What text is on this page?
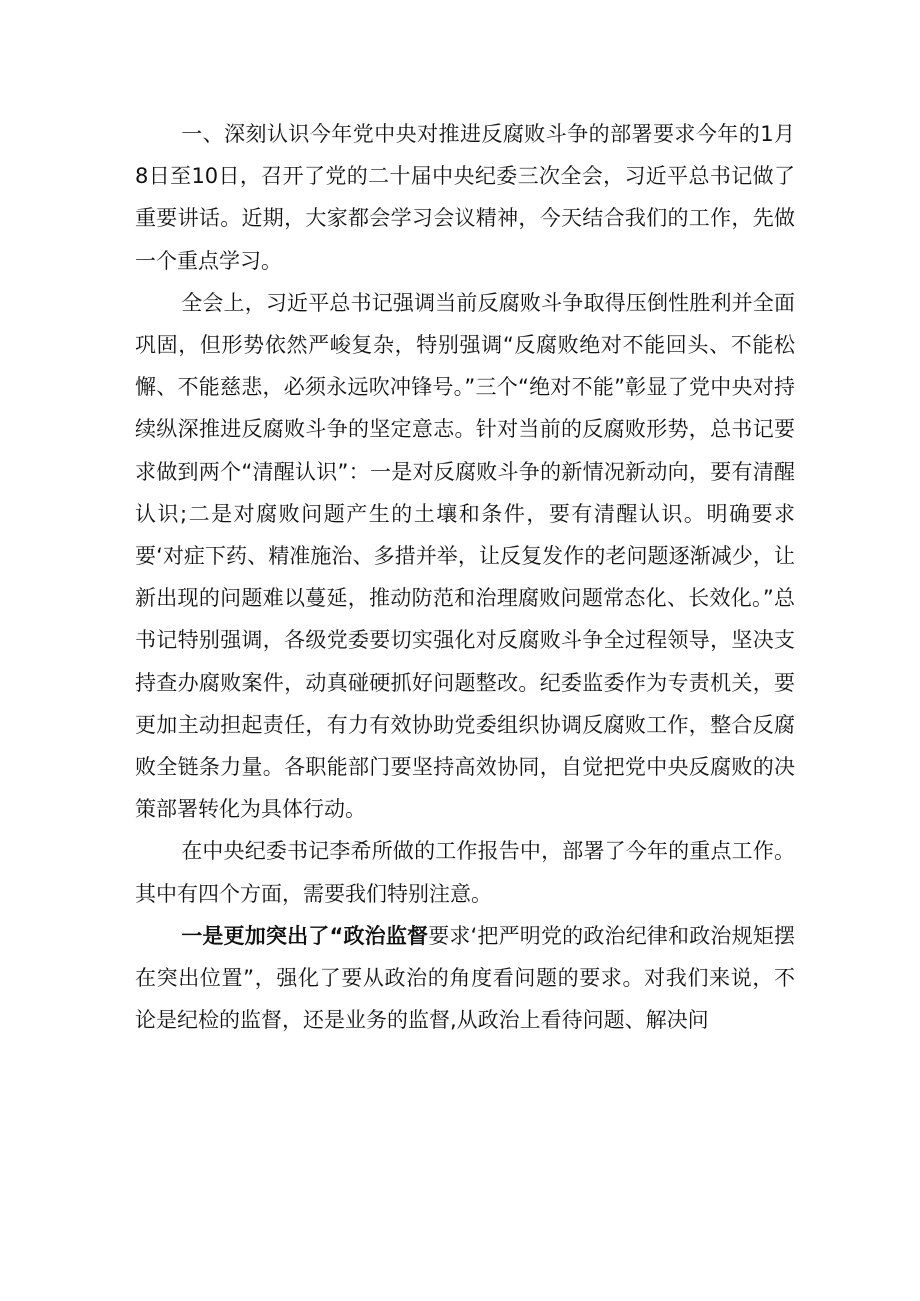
一、深刻认识今年党中央对推进反腐败斗争的部署要求今年的1月8日至10日，召开了党的二十届中央纪委三次全会，习近平总书记做了重要讲话。近期，大家都会学习会议精神，今天结合我们的工作，先做一个重点学习。

全会上，习近平总书记强调当前反腐败斗争取得压倒性胜利并全面巩固，但形势依然严峻复杂，特别强调“反腐败绝对不能回头、不能松懈、不能慈悲，必须永远吹冲锋号。”三个“绝对不能”彰显了党中央对持续纵深推进反腐败斗争的坚定意志。针对当前的反腐败形势，总书记要求做到两个“清醒认识”：一是对反腐败斗争的新情况新动向，要有清醒认识;二是对腐败问题产生的土壤和条件，要有清醒认识。明确要求要‘对症下药、精准施治、多措并举，让反复发作的老问题逐渐减少，让新出现的问题难以蔓延，推动防范和治理腐败问题常态化、长效化。”总书记特别强调，各级党委要切实强化对反腐败斗争全过程领导，坚决支持查办腐败案件，动真碰硬抓好问题整改。纪委监委作为专责机关，要更加主动担起责任，有力有效协助党委组织协调反腐败工作，整合反腐败全链条力量。各职能部门要坚持高效协同，自觉把党中央反腐败的决策部署转化为具体行动。

在中央纪委书记李希所做的工作报告中，部署了今年的重点工作。其中有四个方面，需要我们特别注意。

一是更加突出了“政治监督要求‘把严明党的政治纪律和政治规矩摆在突出位置”，强化了要从政治的角度看问题的要求。对我们来说，不论是纪检的监督，还是业务的监督,从政治上看待问题、解决问
